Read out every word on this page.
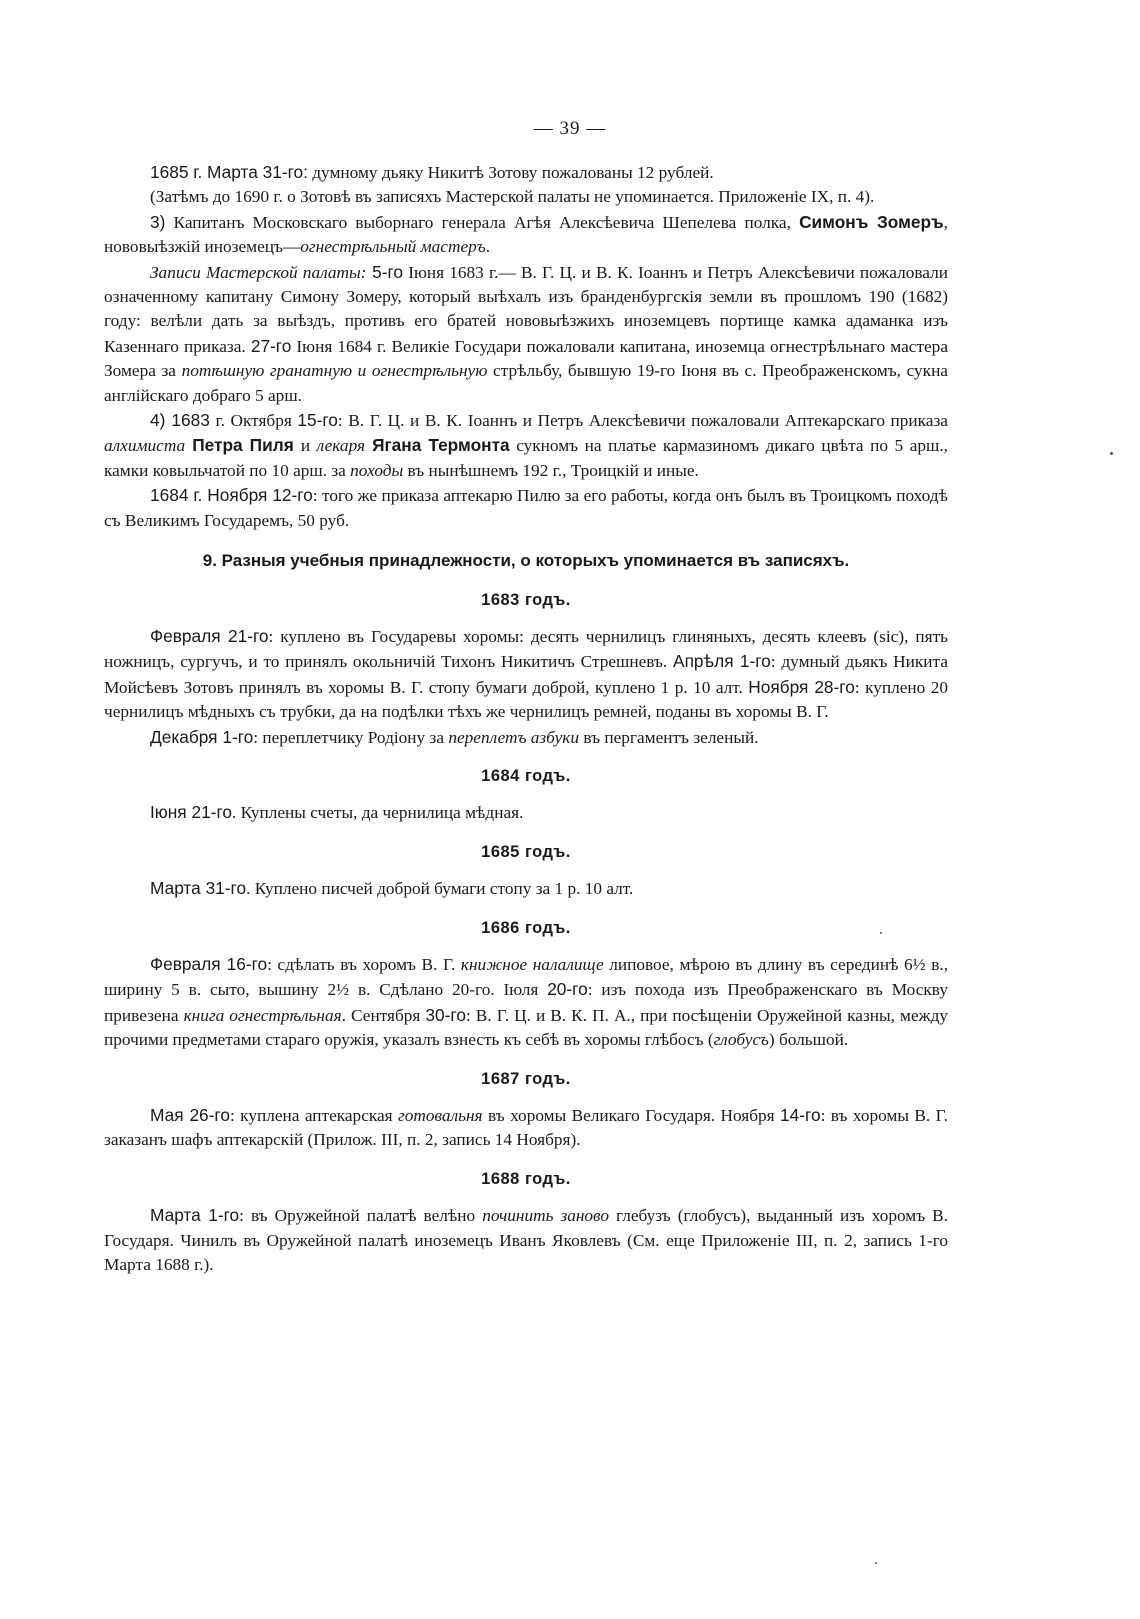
— 39 —

1685 г. Марта 31-го: думному дьяку Никитѣ Зотову пожалованы 12 рублей.

(Затѣмъ до 1690 г. о Зотовѣ въ записяхъ Мастерской палаты не упоминается. Приложеніе IX, п. 4).

3) Капитанъ Московскаго выборнаго генерала Агѣя Алексѣевича Шепелева полка, Симонъ Зомеръ, нововыѣзжій иноземецъ—огнестрѣльный мастеръ.

Записи Мастерской палаты: 5-го Іюня 1683 г.— В. Г. Ц. и В. К. Іоаннъ и Петръ Алексѣевичи пожаловали означенному капитану Симону Зомеру, который выѣхалъ изъ бранденбургскія земли въ прошломъ 190 (1682) году: велѣли дать за выѣздъ, противъ его братей нововыѣзжихъ иноземцевъ портище камка адаманка изъ Казеннаго приказа. 27-го Іюня 1684 г. Великіе Государи пожаловали капитана, иноземца огнестрѣльнаго мастера Зомера за потѣшную гранатную и огнестрѣльную стрѣльбу, бывшую 19-го Іюня въ с. Преображенскомъ, сукна англійскаго добраго 5 арш.

4) 1683 г. Октября 15-го: В. Г. Ц. и В. К. Іоаннъ и Петръ Алексѣевичи пожаловали Аптекарскаго приказа алхимиста Петра Пиля и лекаря Ягана Термонта сукномъ на платье кармазиномъ дикаго цвѣта по 5 арш., камки ковыльчатой по 10 арш. за походы въ нынѣшнемъ 192 г., Троицкій и иные.

1684 г. Ноября 12-го: того же приказа аптекарю Пилю за его работы, когда онъ былъ въ Троицкомъ походѣ съ Великимъ Государемъ, 50 руб.

9. Разныя учебныя принадлежности, о которыхъ упоминается въ записяхъ.
1683 годъ.

Февраля 21-го: куплено въ Государевы хоромы: десять чернилицъ глиняныхъ, десять клеевъ (sic), пять ножницъ, сургучъ, и то принялъ окольничій Тихонъ Никитичъ Стрешневъ. Апрѣля 1-го: думный дьякъ Никита Мойсѣевъ Зотовъ принялъ въ хоромы В. Г. стопу бумаги доброй, куплено 1 р. 10 алт. Ноября 28-го: куплено 20 чернилицъ мѣдныхъ съ трубки, да на подѣлки тѣхъ же чернилицъ ремней, поданы въ хоромы В. Г.

Декабря 1-го: переплетчику Родіону за переплетъ азбуки въ пергаментъ зеленый.

1684 годъ.

Іюня 21-го. Куплены счеты, да чернилица мѣдная.

1685 годъ.

Марта 31-го. Куплено писчей доброй бумаги стопу за 1 р. 10 алт.

1686 годъ.

Февраля 16-го: сдѣлать въ хоромъ В. Г. книжное налалище липовое, мѣрою въ длину въ серединѣ 6½ в., ширину 5 в. сыто, вышину 2½ в. Сдѣлано 20-го. Іюля 20-го: изъ похода изъ Преображенскаго въ Москву привезена книга огнестрѣльная. Сентября 30-го: В. Г. Ц. и В. К. П. А., при посѣщеніи Оружейной казны, между прочими предметами стараго оружія, указалъ взнесть къ себѣ въ хоромы глѣбосъ (глобусъ) большой.

1687 годъ.

Мая 26-го: куплена аптекарская готовальня въ хоромы Великаго Государя. Ноября 14-го: въ хоромы В. Г. заказанъ шафъ аптекарскій (Прилож. III, п. 2, запись 14 Ноября).

1688 годъ.

Марта 1-го: въ Оружейной палатѣ велѣно починить заново глебузъ (глобусъ), выданный изъ хоромъ В. Государя. Чинилъ въ Оружейной палатѣ иноземецъ Иванъ Яковлевъ (См. еще Приложеніе III, п. 2, запись 1-го Марта 1688 г.).
